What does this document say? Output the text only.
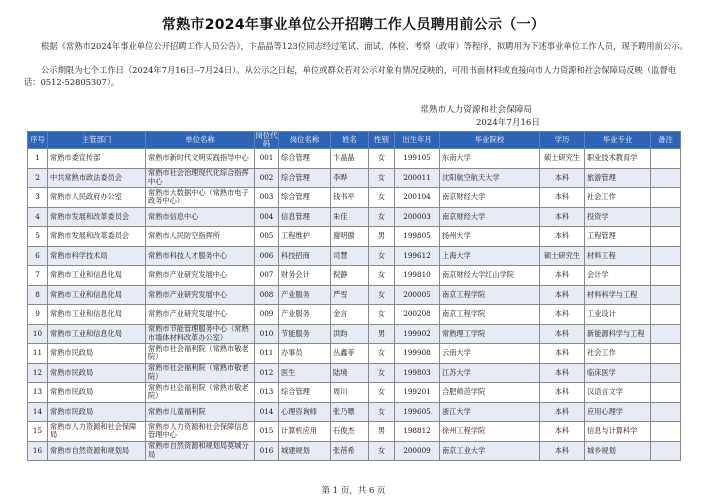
常熟市2024年事业单位公开招聘工作人员聘用前公示（一）
根据《常熟市2024年事业单位公开招聘工作人员公告》，卞晶晶等123位同志经过笔试、面试、体检、考察（政审）等程序，拟聘用为下述事业单位工作人员，现予聘用前公示。
公示期限为七个工作日（2024年7月16日--7月24日）。从公示之日起，单位或群众若对公示对象有情况反映的，可用书面材料或直接向市人力资源和社会保障局反映（监督电话：0512-52805307）。
常熟市人力资源和社会保障局
2024年7月16日
序号	主管部门	单位名称	岗位代码	岗位名称	姓名	性别	出生年月	毕业院校	学历	毕业专业	备注
1	常熟市委宣传部	常熟市新时代文明实践指导中心	001	综合管理	卞晶晶	女	199105	东南大学	硕士研究生	职业技术教育学	
2	中共常熟市政法委员会	常熟市社会治理现代化综合指挥中心	002	综合管理	李晔	女	200011	沈阳航空航天大学	本科	旅游管理	
3	常熟市人民政府办公室	常熟市大数据中心（常熟市电子政务中心）	003	综合管理	钱书平	女	200104	南京财经大学	本科	社会工作	
4	常熟市发展和改革委员会	常熟市信息中心	004	信息管理	朱佳	女	200003	南京财经大学	本科	投资学	
5	常熟市发展和改革委员会	常熟市人民防空指挥所	005	工程维护	谢明傲	男	199805	扬州大学	本科	工程管理	
6	常熟市科学技术局	常熟市科技人才服务中心	006	科技招商	司慧	女	199612	上海大学	硕士研究生	材料工程	
7	常熟市工业和信息化局	常熟市产业研究发展中心	007	财务会计	倪静	女	199810	南京财经大学红山学院	本科	会计学	
8	常熟市工业和信息化局	常熟市产业研究发展中心	008	产业服务	严雪	女	200005	南京工程学院	本科	材料科学与工程	
9	常熟市工业和信息化局	常熟市产业研究发展中心	009	产业服务	金言	女	200208	南京工程学院	本科	工业设计	
10	常熟市工业和信息化局	常熟市节能管理服务中心（常熟市墙体材料改革办公室）	010	节能服务	洪昀	男	199902	常熟理工学院	本科	新能源科学与工程	
11	常熟市民政局	常熟市社会福利院（常熟市敬老院）	011	办事员	丛鑫菲	女	199908	云南大学	本科	社会工作	
12	常熟市民政局	常熟市社会福利院（常熟市敬老院）	012	医生	陆境	女	199803	江苏大学	本科	临床医学	
13	常熟市民政局	常熟市社会福利院（常熟市敬老院）	013	综合管理	周川	女	199201	合肥师范学院	本科	汉语言文学	
14	常熟市民政局	常熟市儿童福利院	014	心理咨询师	张乃嘌	女	199605	浙江大学	本科	应用心理学	
15	常熟市人力资源和社会保障局	常熟市人力资源和社会保障信息管理中心	015	计算机应用	石俊杰	男	198812	徐州工程学院	本科	信息与计算科学	
16	常熟市自然资源和规划局	常熟市自然资源和规划局莫城分局	016	城建规划	张蓓希	女	200009	南京工业大学	本科	城乡规划	
第 1 页，共 6 页
